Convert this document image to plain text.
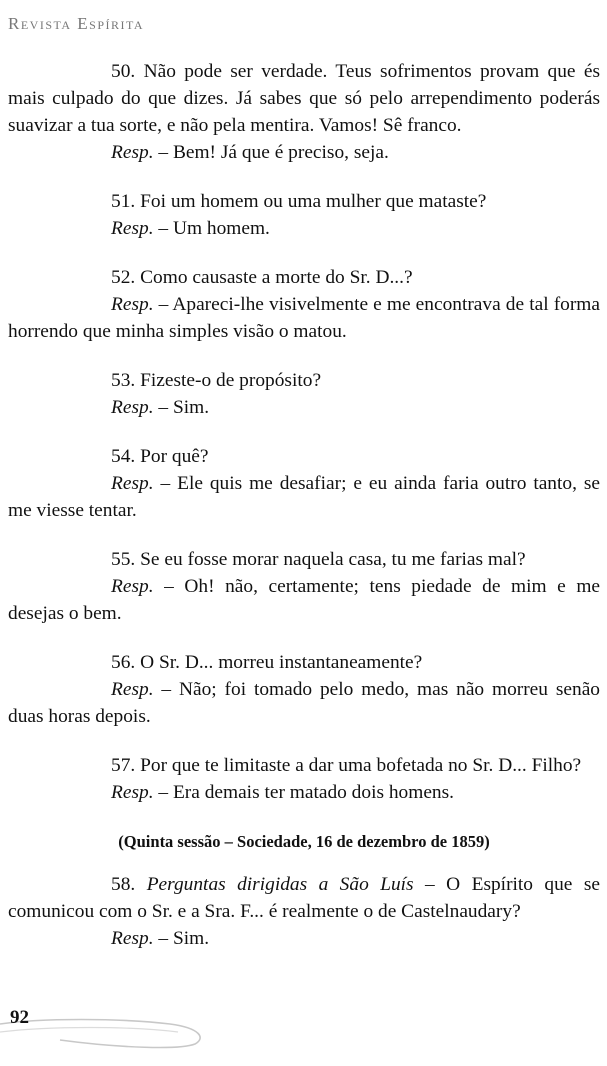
Revista Espírita

50. Não pode ser verdade. Teus sofrimentos provam que és mais culpado do que dizes. Já sabes que só pelo arrependimento poderás suavizar a tua sorte, e não pela mentira. Vamos! Sê franco.

Resp. – Bem! Já que é preciso, seja.

51. Foi um homem ou uma mulher que mataste?

Resp. – Um homem.

52. Como causaste a morte do Sr. D...?

Resp. – Apareci-lhe visivelmente e me encontrava de tal forma horrendo que minha simples visão o matou.

53. Fizeste-o de propósito?

Resp. – Sim.

54. Por quê?

Resp. – Ele quis me desafiar; e eu ainda faria outro tanto, se me viesse tentar.

55. Se eu fosse morar naquela casa, tu me farias mal?

Resp. – Oh! não, certamente; tens piedade de mim e me desejas o bem.

56. O Sr. D... morreu instantaneamente?

Resp. – Não; foi tomado pelo medo, mas não morreu senão duas horas depois.

57. Por que te limitaste a dar uma bofetada no Sr. D... Filho?

Resp. – Era demais ter matado dois homens.

(Quinta sessão – Sociedade, 16 de dezembro de 1859)

58. Perguntas dirigidas a São Luís – O Espírito que se comunicou com o Sr. e a Sra. F... é realmente o de Castelnaudary?

Resp. – Sim.

92
